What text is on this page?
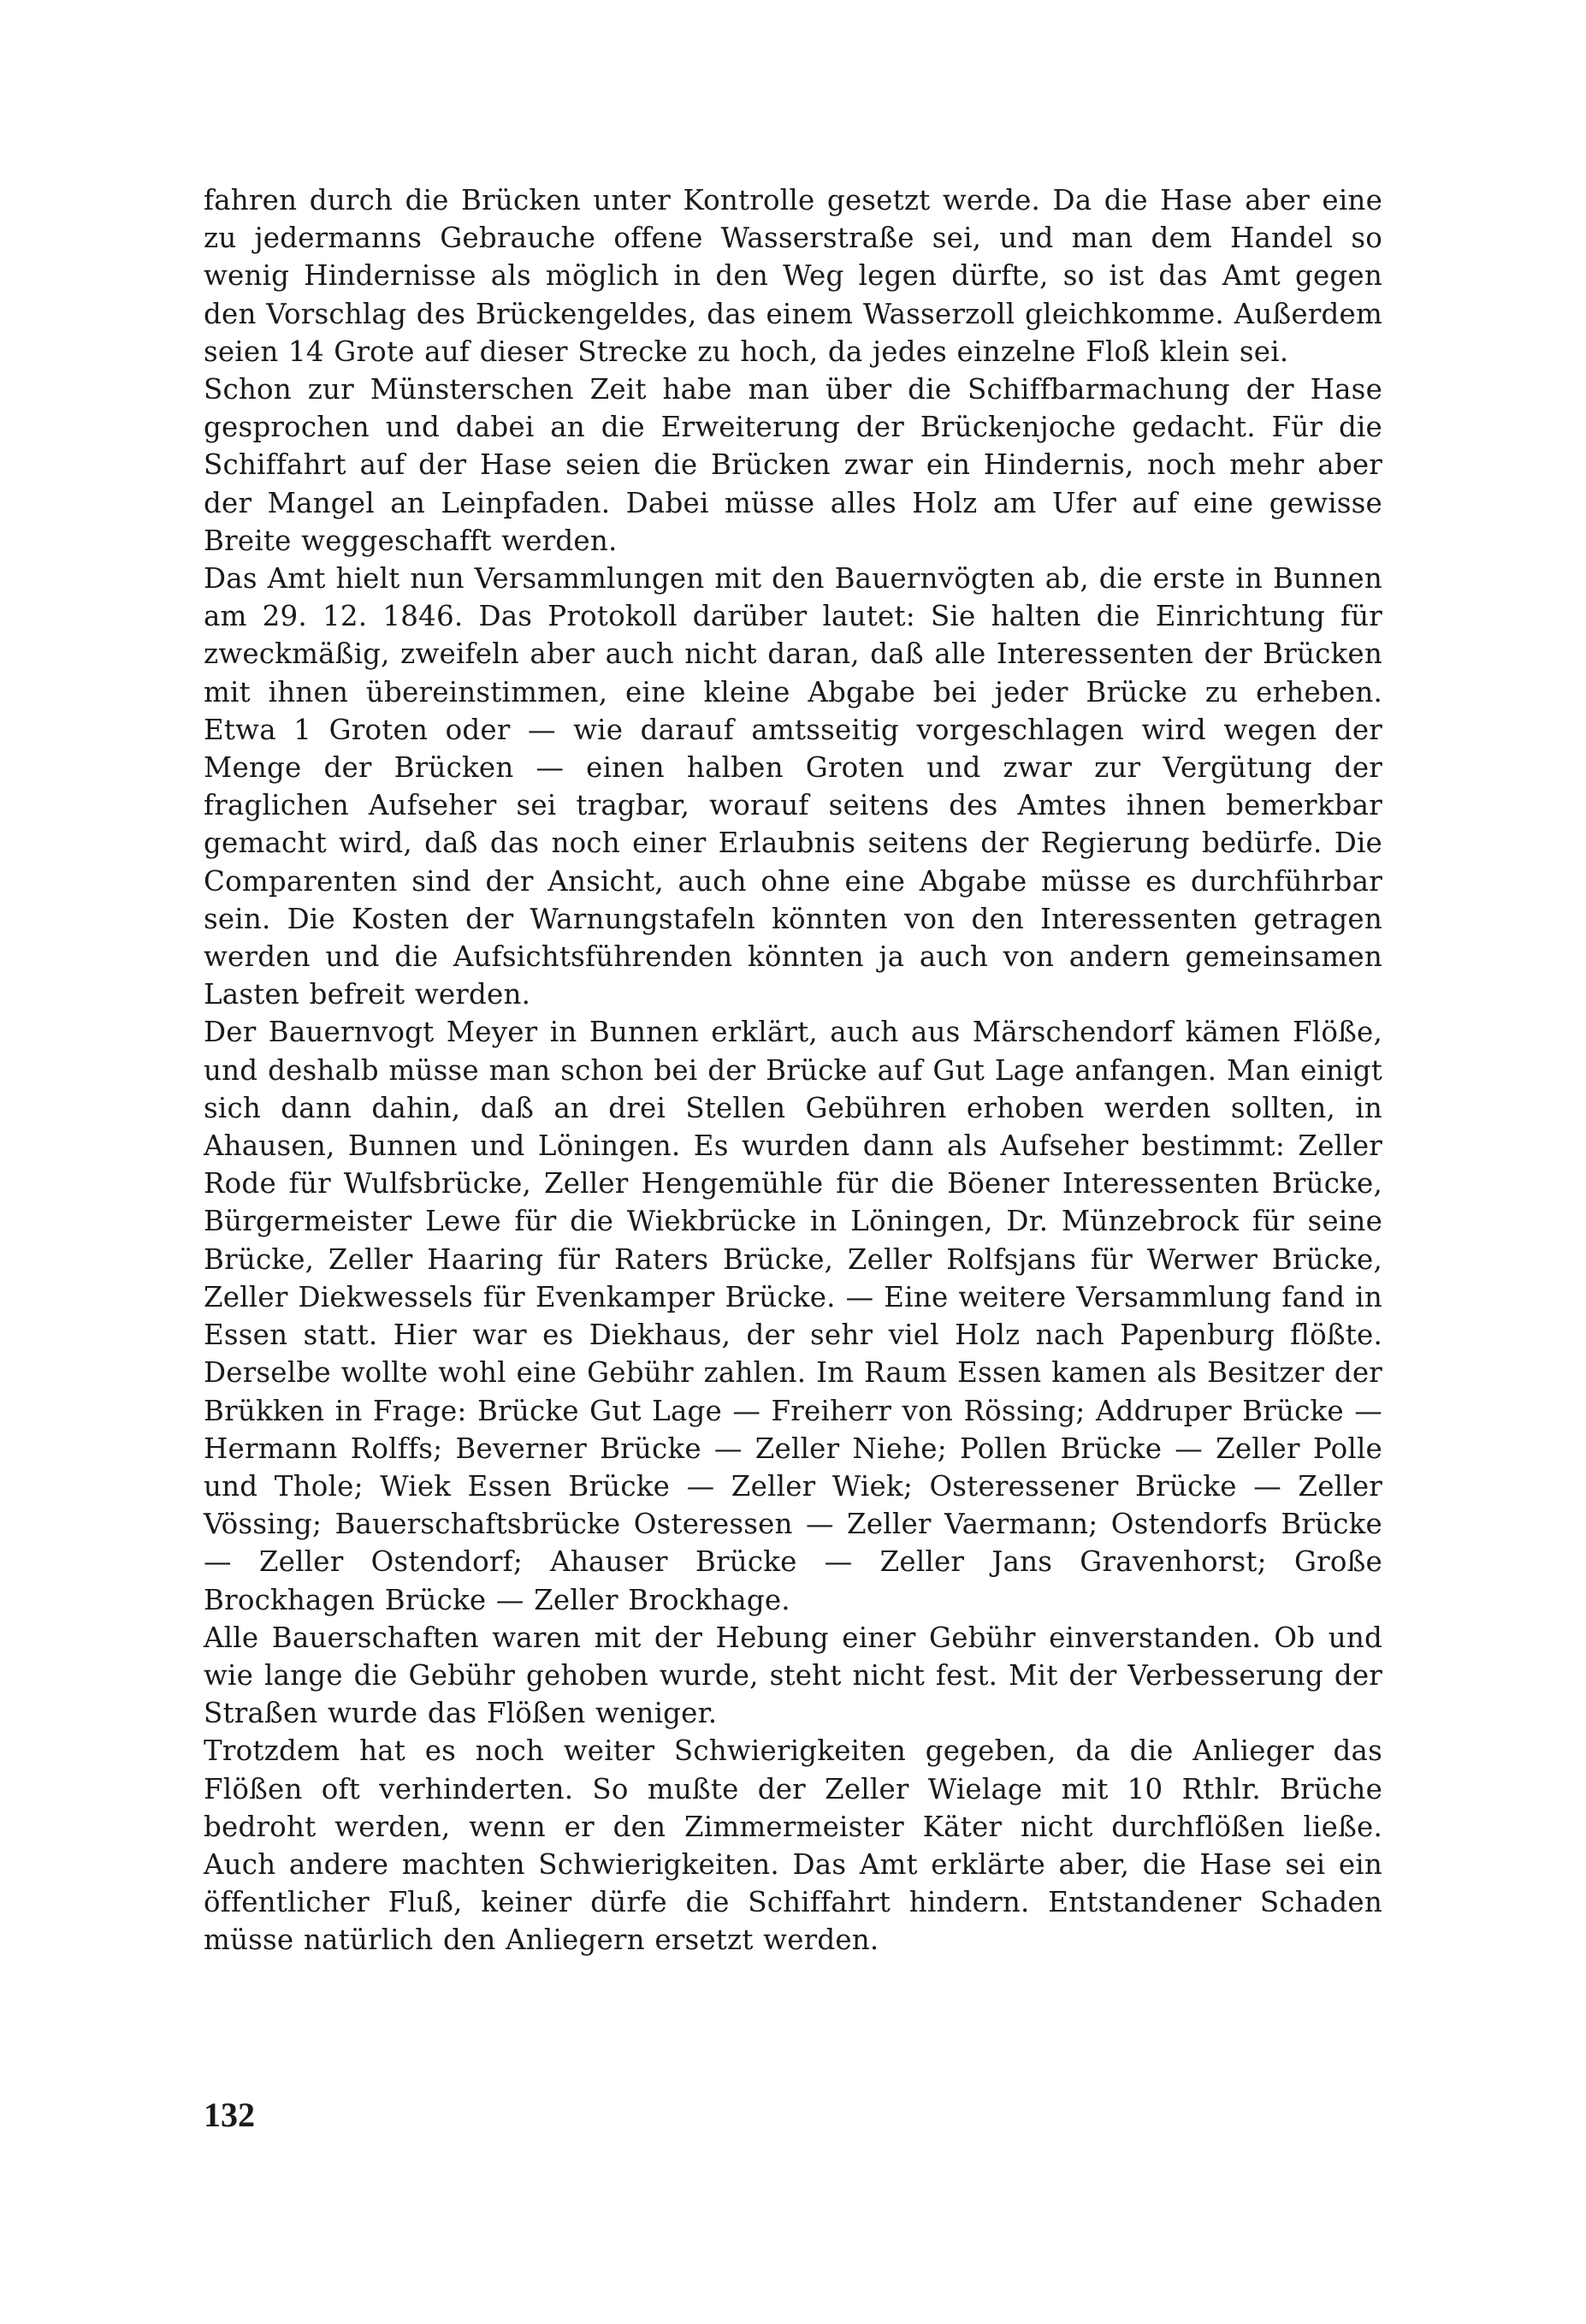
fahren durch die Brücken unter Kontrolle gesetzt werde. Da die Hase aber eine zu jedermanns Gebrauche offene Wasserstraße sei, und man dem Handel so wenig Hindernisse als möglich in den Weg legen dürfte, so ist das Amt gegen den Vorschlag des Brückengeldes, das einem Wasserzoll gleichkomme. Außerdem seien 14 Grote auf dieser Strecke zu hoch, da jedes einzelne Floß klein sei.

Schon zur Münsterschen Zeit habe man über die Schiffbarmachung der Hase gesprochen und dabei an die Erweiterung der Brückenjoche gedacht. Für die Schiffahrt auf der Hase seien die Brücken zwar ein Hindernis, noch mehr aber der Mangel an Leinpfaden. Dabei müsse alles Holz am Ufer auf eine gewisse Breite weggeschafft werden.

Das Amt hielt nun Versammlungen mit den Bauernvögten ab, die erste in Bunnen am 29. 12. 1846. Das Protokoll darüber lautet: Sie halten die Einrichtung für zweckmäßig, zweifeln aber auch nicht daran, daß alle Interessenten der Brücken mit ihnen übereinstimmen, eine kleine Abgabe bei jeder Brücke zu erheben. Etwa 1 Groten oder — wie darauf amtsseitig vorgeschlagen wird wegen der Menge der Brücken — einen halben Groten und zwar zur Vergütung der fraglichen Aufseher sei tragbar, worauf seitens des Amtes ihnen bemerkbar gemacht wird, daß das noch einer Erlaubnis seitens der Regierung bedürfe. Die Comparenten sind der Ansicht, auch ohne eine Abgabe müsse es durchführbar sein. Die Kosten der Warnungstafeln könnten von den Interessenten getragen werden und die Aufsichtsführenden könnten ja auch von andern gemeinsamen Lasten befreit werden.

Der Bauernvogt Meyer in Bunnen erklärt, auch aus Märschendorf kämen Flöße, und deshalb müsse man schon bei der Brücke auf Gut Lage anfangen. Man einigt sich dann dahin, daß an drei Stellen Gebühren erhoben werden sollten, in Ahausen, Bunnen und Löningen. Es wurden dann als Aufseher bestimmt: Zeller Rode für Wulfsbrücke, Zeller Hengemühle für die Böener Interessenten Brücke, Bürgermeister Lewe für die Wiekbrücke in Löningen, Dr. Münzebrock für seine Brücke, Zeller Haaring für Raters Brücke, Zeller Rolfsjans für Werwer Brücke, Zeller Diekwessels für Evenkamper Brücke. — Eine weitere Versammlung fand in Essen statt. Hier war es Diekhaus, der sehr viel Holz nach Papenburg flößte. Derselbe wollte wohl eine Gebühr zahlen. Im Raum Essen kamen als Besitzer der Brükken in Frage: Brücke Gut Lage — Freiherr von Rössing; Addruper Brücke — Hermann Rolffs; Beverner Brücke — Zeller Niehe; Pollen Brücke — Zeller Polle und Thole; Wiek Essen Brücke — Zeller Wiek; Osteressener Brücke — Zeller Vössing; Bauerschaftsbrücke Osteressen — Zeller Vaermann; Ostendorfs Brücke — Zeller Ostendorf; Ahauser Brücke — Zeller Jans Gravenhorst; Große Brockhagen Brücke — Zeller Brockhage.

Alle Bauerschaften waren mit der Hebung einer Gebühr einverstanden. Ob und wie lange die Gebühr gehoben wurde, steht nicht fest. Mit der Verbesserung der Straßen wurde das Flößen weniger.

Trotzdem hat es noch weiter Schwierigkeiten gegeben, da die Anlieger das Flößen oft verhinderten. So mußte der Zeller Wielage mit 10 Rthlr. Brüche bedroht werden, wenn er den Zimmermeister Käter nicht durchflößen ließe. Auch andere machten Schwierigkeiten. Das Amt erklärte aber, die Hase sei ein öffentlicher Fluß, keiner dürfe die Schiffahrt hindern. Entstandener Schaden müsse natürlich den Anliegern ersetzt werden.

132
